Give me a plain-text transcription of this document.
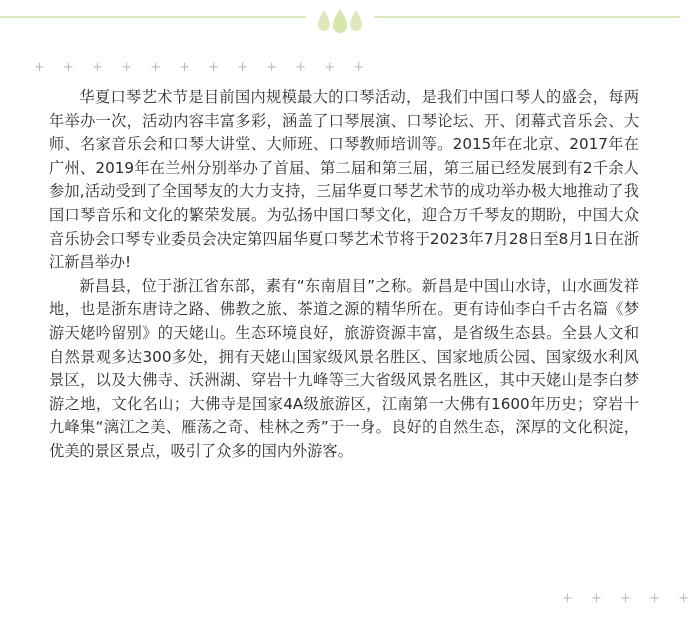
+ + + + + + + + + + + +

华夏口琴艺术节是目前国内规模最大的口琴活动，是我们中国口琴人的盛会，每两年举办一次，活动内容丰富多彩，涵盖了口琴展演、口琴论坛、开、闭幕式音乐会、大师、名家音乐会和口琴大讲堂、大师班、口琴教师培训等。2015年在北京、2017年在广州、2019年在兰州分别举办了首届、第二届和第三届，第三届已经发展到有2千余人参加,活动受到了全国琴友的大力支持，三届华夏口琴艺术节的成功举办极大地推动了我国口琴音乐和文化的繁荣发展。为弘扬中国口琴文化，迎合万千琴友的期盼，中国大众音乐协会口琴专业委员会决定第四届华夏口琴艺术节将于2023年7月28日至8月1日在浙江新昌举办!

新昌县，位于浙江省东部，素有“东南眉目”之称。新昌是中国山水诗，山水画发祥地，也是浙东唐诗之路、佛教之旅、茶道之源的精华所在。更有诗仙李白千古名篇《梦游天姥吟留别》的天姥山。生态环境良好，旅游资源丰富，是省级生态县。全县人文和自然景观多达300多处，拥有天姥山国家级风景名胜区、国家地质公园、国家级水利风景区，以及大佛寺、沃洲湖、穿岩十九峰等三大省级风景名胜区，其中天姥山是李白梦游之地，文化名山；大佛寺是国家4A级旅游区，江南第一大佛有1600年历史；穿岩十九峰集“漓江之美、雁荡之奇、桂林之秀”于一身。良好的自然生态，深厚的文化积淀，优美的景区景点，吸引了众多的国内外游客。

+ + + + +
